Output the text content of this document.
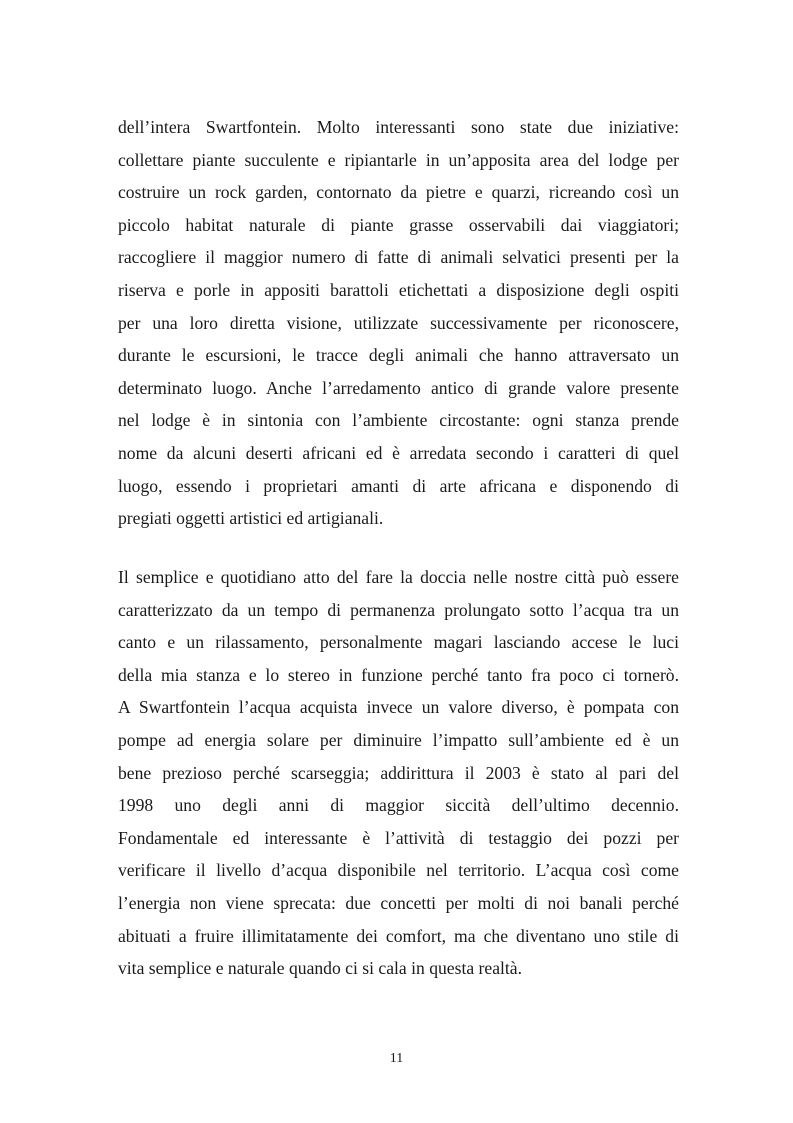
dell’intera Swartfontein. Molto interessanti sono state due iniziative:
collettare piante succulente e ripiantarle in un’apposita area del lodge per
costruire un rock garden, contornato da pietre e quarzi, ricreando così un
piccolo habitat naturale di piante grasse osservabili dai viaggiatori;
raccogliere il maggior numero di fatte di animali selvatici presenti per la
riserva e porle in appositi barattoli etichettati a disposizione degli ospiti
per una loro diretta visione, utilizzate successivamente per riconoscere,
durante le escursioni, le tracce degli animali che hanno attraversato un
determinato luogo. Anche l’arredamento antico di grande valore presente
nel lodge è in sintonia con l’ambiente circostante: ogni stanza prende
nome da alcuni deserti africani ed è arredata secondo i caratteri di quel
luogo, essendo i proprietari amanti di arte africana e disponendo di
pregiati oggetti artistici ed artigianali.
Il semplice e quotidiano atto del fare la doccia nelle nostre città può essere
caratterizzato da un tempo di permanenza prolungato sotto l’acqua tra un
canto e un rilassamento, personalmente magari lasciando accese le luci
della mia stanza e lo stereo in funzione perché tanto fra poco ci tornerò.
A Swartfontein l’acqua acquista invece un valore diverso, è pompata con
pompe ad energia solare per diminuire l’impatto sull’ambiente ed è un
bene prezioso perché scarseggia; addirittura il 2003 è stato al pari del
1998 uno degli anni di maggior siccità dell’ultimo decennio.
Fondamentale ed interessante è l’attività di testaggio dei pozzi per
verificare il livello d’acqua disponibile nel territorio. L’acqua così come
l’energia non viene sprecata: due concetti per molti di noi banali perché
abituati a fruire illimitatamente dei comfort, ma che diventano uno stile di
vita semplice e naturale quando ci si cala in questa realtà.
11
